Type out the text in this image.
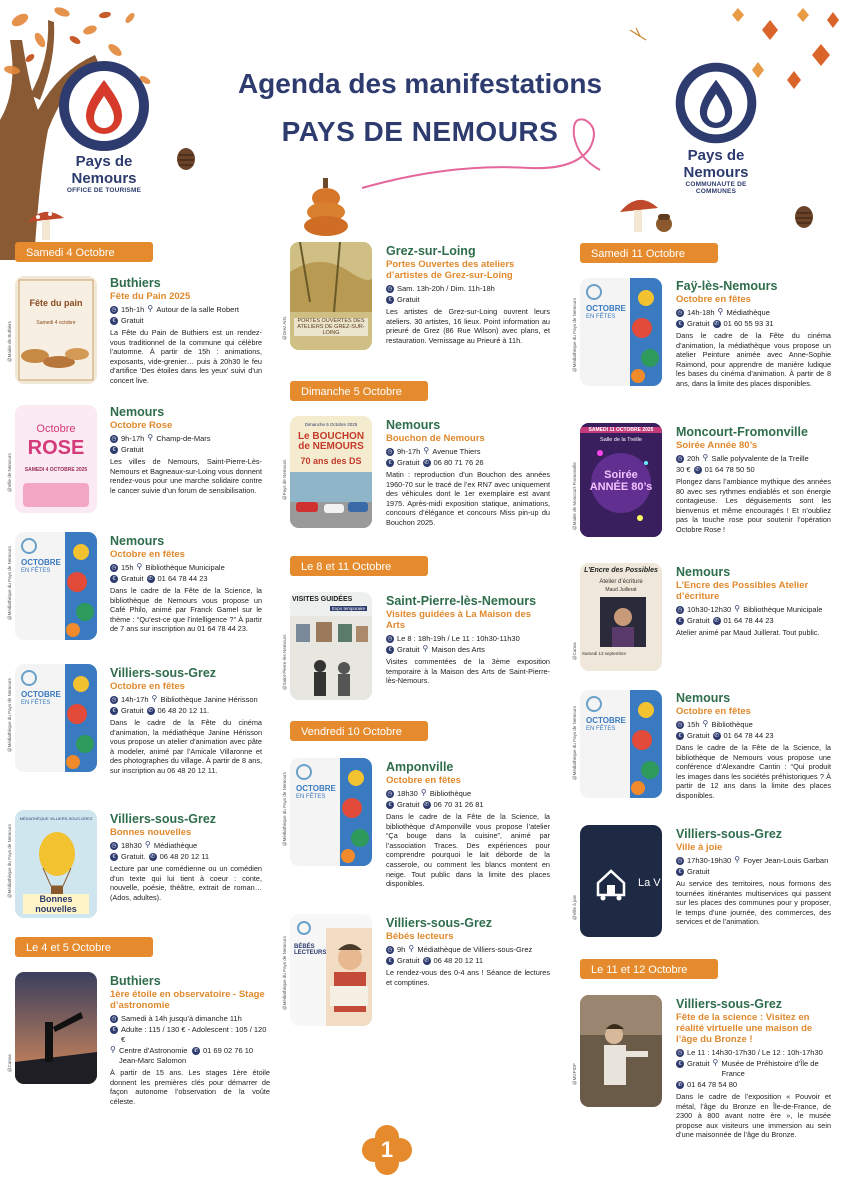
Pays de
Nemours
OFFICE DE TOURISME
Pays de
Nemours
COMMUNAUTE DE COMMUNES
Agenda des manifestations
PAYS DE NEMOURS
Samedi 4 Octobre
Fête du pain
Samedi 4 octobre
@Mairie de Buthiers
Buthiers
Fête du Pain 2025
◷ 15h-1h ⚲ Autour de la salle Robert
€ Gratuit
La Fête du Pain de Buthiers est un rendez-vous traditionnel de la commune qui célèbre l’automne. À partir de 15h : animations, exposants, vide-grenier… puis à 20h30 le feu d’artifice ‘Des étoiles dans les yeux’ suivi d’un concert live.
Octobre
ROSE
SAMEDI 4 OCTOBRE 2025
@Ville de Nemours
Nemours
Octobre Rose
◷ 9h-17h ⚲ Champ-de-Mars
€ Gratuit
Les villes de Nemours, Saint-Pierre-Lès-Nemours et Bagneaux-sur-Loing vous donnent rendez-vous pour une marche solidaire contre le cancer suivie d’un forum de sensibilisation.
OCTOBRE
EN FÊTES
@Médiathèque du Pays de Nemours
Nemours
Octobre en fêtes
◷ 15h ⚲ Bibliothèque Municipale
€ Gratuit ✆ 01 64 78 44 23
Dans le cadre de la Fête de la Science, la bibliothèque de Nemours vous propose un Café Philo, animé par Franck Gamel sur le thème : “Qu’est-ce que l’intelligence ?” À partir de 7 ans sur inscription au 01 64 78 44 23.
OCTOBRE
EN FÊTES
@Médiathèque du Pays de Nemours
Villiers-sous-Grez
Octobre en fêtes
◷ 14h-17h ⚲ Bibliothèque Janine Hérisson
€ Gratuit ✆ 06 48 20 12 11.
Dans le cadre de la Fête du cinéma d’animation, la médiathèque Janine Hérisson vous propose un atelier d’animation avec pâte à modeler, animé par l’Amicale Villaronne et des photographes du village. À partir de 8 ans, sur inscription au 06 48 20 12 11.
MÉDIATHÈQUE VILLIERS-SOUS-GREZ
Bonnes nouvelles
@Médiathèque du Pays de Nemours
Villiers-sous-Grez
Bonnes nouvelles
◷ 18h30 ⚲ Médiathèque
€ Gratuit. ✆ 06 48 20 12 11
Lecture par une comédienne ou un comédien d’un texte qui lui tient à coeur : conte, nouvelle, poésie, théâtre, extrait de roman… (Ados, adultes).
Le 4 et 5 Octobre
@Canva
Buthiers
1ère étoile en observatoire - Stage d’astronomie
◷ Samedi à 14h jusqu’à dimanche 11h
€ Adulte : 115 / 130 € - Adolescent : 105 / 120 €
⚲ Centre d’Astronomie Jean-Marc Salomon
✆ 01 69 02 76 10
À partir de 15 ans. Les stages 1ère étoile donnent les premières clés pour démarrer de façon autonome l’observation de la voûte céleste.
PORTES OUVERTES DES ATELIERS DE GREZ-SUR-LOING
@Grez Arts
Grez-sur-Loing
Portes Ouvertes des ateliers d’artistes de Grez-sur-Loing
◷ Sam. 13h-20h / Dim. 11h-18h
€ Gratuit
Les artistes de Grez-sur-Loing ouvrent leurs ateliers. 30 artistes, 16 lieux. Point information au prieuré de Grez (86 Rue Wilson) avec plans, et restauration. Vernissage au Prieuré à 11h.
Dimanche 5 Octobre
Dimanche 5 Octobre 2025
Le BOUCHON de NEMOURS
70 ans des DS
@Pays de Nemours
Nemours
Bouchon de Nemours
◷ 9h-17h ⚲ Avenue Thiers
€ Gratuit ✆ 06 80 71 76 26
Matin : reproduction d’un Bouchon des années 1960-70 sur le tracé de l’ex RN7 avec uniquement des véhicules dont le 1er exemplaire est avant 1975. Après-midi exposition statique, animations, concours d’élégance et concours Miss pin-up du Bouchon 2025.
Le 8 et 11 Octobre
VISITES GUIDÉES
Expo temporaire
@Saint-Pierre-lès-Nemours
Saint-Pierre-lès-Nemours
Visites guidées à La Maison des Arts
◷ Le 8 : 18h-19h / Le 11 : 10h30-11h30
€ Gratuit ⚲ Maison des Arts
Visites commentées de la 3ème exposition temporaire à la Maison des Arts de Saint-Pierre-lès-Nemours.
Vendredi 10 Octobre
OCTOBRE
EN FÊTES
@Médiathèque du Pays de Nemours
Amponville
Octobre en fêtes
◷ 18h30 ⚲ Bibliothèque
€ Gratuit ✆ 06 70 31 26 81
Dans le cadre de la Fête de la Science, la bibliothèque d’Amponville vous propose l’atelier “Ça bouge dans la cuisine”, animé par l’association Traces. Des expériences pour comprendre pourquoi le lait déborde de la casserole, ou comment les blancs montent en neige. Tout public dans la limite des places disponibles.
BÉBÉS LECTEURS
@Médiathèque du Pays de Nemours
Villiers-sous-Grez
Bébés lecteurs
◷ 9h ⚲ Médiathèque de Villiers-sous-Grez
€ Gratuit ✆ 06 48 20 12 11
Le rendez-vous des 0-4 ans ! Séance de lectures et comptines.
Samedi 11 Octobre
OCTOBRE
EN FÊTES
@Médiathèque du Pays de Nemours
Faÿ-lès-Nemours
Octobre en fêtes
◷ 14h-18h ⚲ Médiathèque
€ Gratuit ✆ 01 60 55 93 31
Dans le cadre de la Fête du cinéma d’animation, la médiathèque vous propose un atelier Peinture animée avec Anne-Sophie Raimond, pour apprendre de manière ludique les bases du cinéma d’animation. À partir de 8 ans, dans la limite des places disponibles.
SAMEDI 11 OCTOBRE 2025
Salle de la Treille
Soirée ANNÉE 80’s
@Mairie de Moncourt-Fromonville
Moncourt-Fromonville
Soirée Année 80’s
◷ 20h ⚲ Salle polyvalente de la Treille
30 € ✆ 01 64 78 50 50
Plongez dans l’ambiance mythique des années 80 avec ses rythmes endiablés et son énergie contagieuse. Les déguisements sont les bienvenus et même encouragés ! Et n’oubliez pas la touche rose pour soutenir l’opération Octobre Rose !
L’Encre des Possibles
Atelier d’écriture
Maud Juillerat
Samedi 13 septembre
@Canva
Nemours
L’Encre des Possibles Atelier d’écriture
◷ 10h30-12h30 ⚲ Bibliothèque Municipale
€ Gratuit ✆ 01 64 78 44 23
Atelier animé par Maud Juillerat. Tout public.
OCTOBRE
EN FÊTES
@Médiathèque du Pays de Nemours
Nemours
Octobre en fêtes
◷ 15h ⚲ Bibliothèque
€ Gratuit ✆ 01 64 78 44 23
Dans le cadre de la Fête de la Science, la bibliothèque de Nemours vous propose une conférence d’Alexandre Cantin : “Qui produit les images dans les sociétés préhistoriques ? À partir de 12 ans dans la limite des places disponibles.
La V
@Ville à joie
Villiers-sous-Grez
Ville à joie
◷ 17h30-19h30 ⚲ Foyer Jean-Louis Garban
€ Gratuit
Au service des territoires, nous formons des tournées itinérantes multiservices qui passent sur les places des communes pour y proposer, le temps d’une journée, des commerces, des services et de l’animation.
Le 11 et 12 Octobre
@MDPIDF
Villiers-sous-Grez
Fête de la science : Visitez en réalité virtuelle une maison de l’âge du Bronze !
◷ Le 11 : 14h30-17h30 / Le 12 : 10h-17h30
€ Gratuit ⚲ Musée de Préhistoire d’Île de France
✆ 01 64 78 54 80
Dans le cadre de l’exposition « Pouvoir et métal, l’âge du Bronze en Île-de-France, de 2300 à 800 avant notre ère », le musée propose aux visiteurs une immersion au sein d’une maisonnée de l’âge du Bronze.
1
